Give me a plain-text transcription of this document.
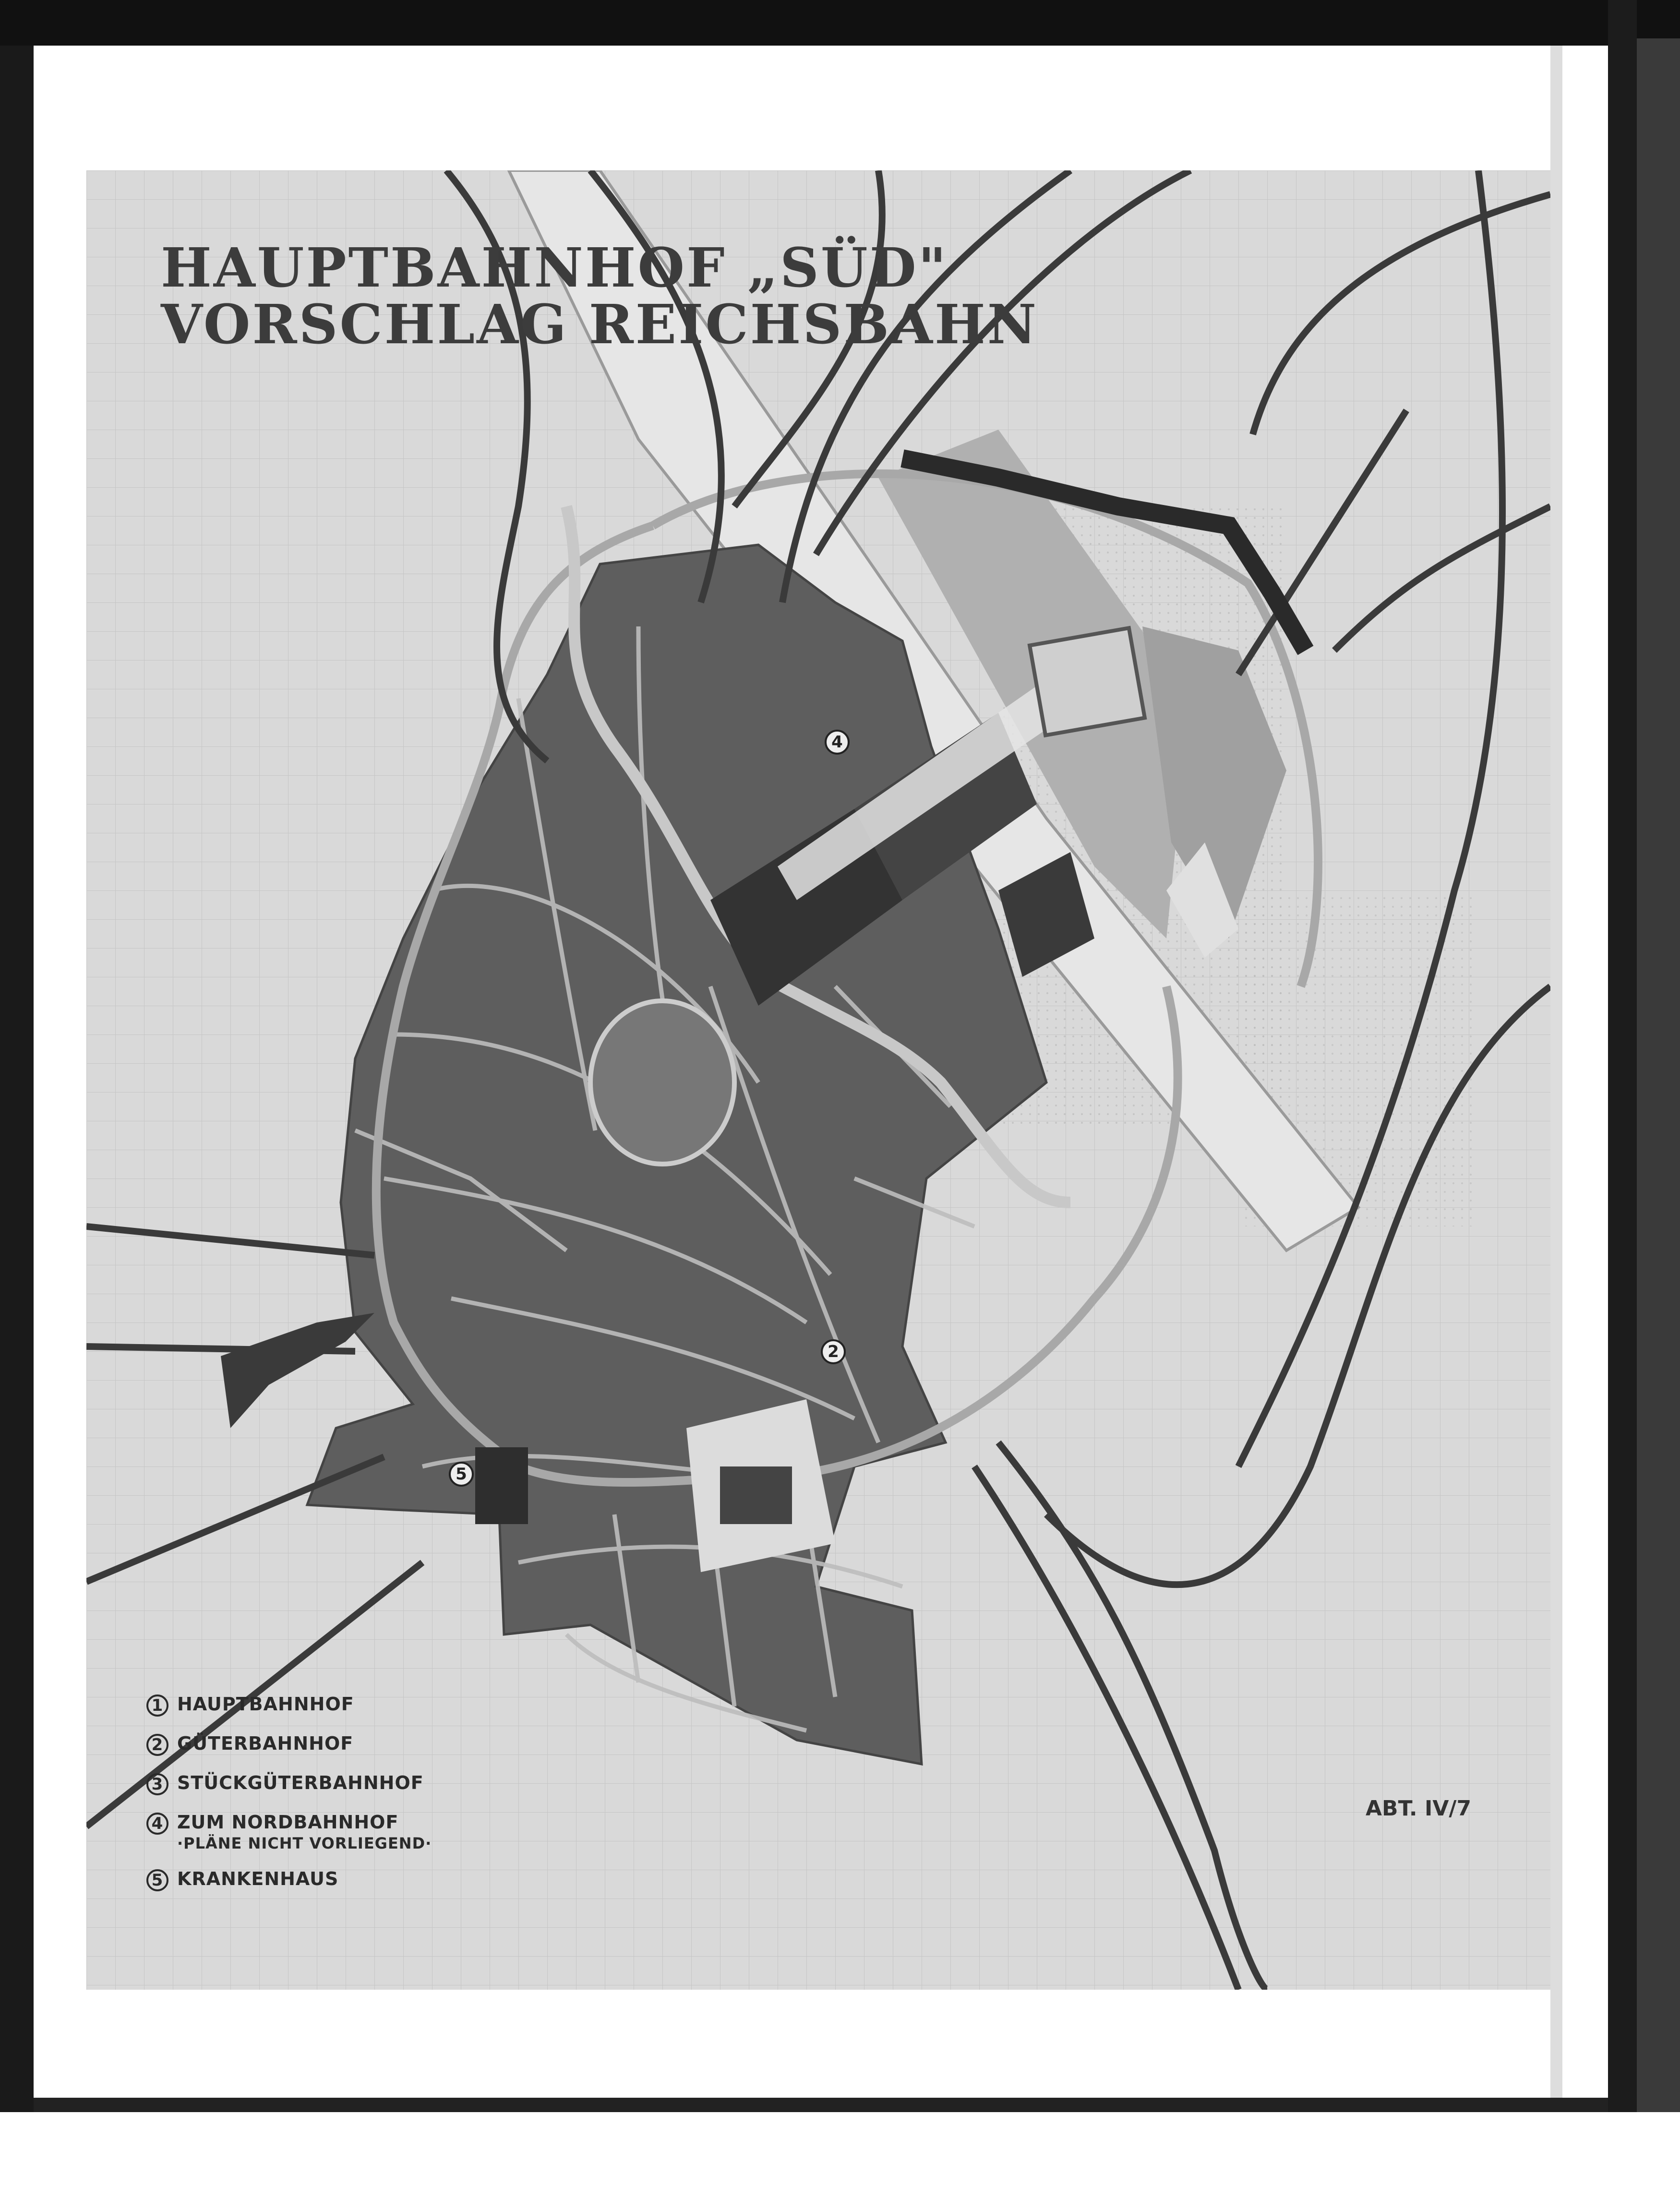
HAUPTBAHNHOF „SÜD"
VORSCHLAG REICHSBAHN
4
2
5
1 HAUPTBAHNHOF
2 GÜTERBAHNHOF
3 STÜCKGÜTERBAHNHOF
4 ZUM NORDBAHNHOF
·PLÄNE NICHT VORLIEGEND·
5 KRANKENHAUS
ABT. IV/7
